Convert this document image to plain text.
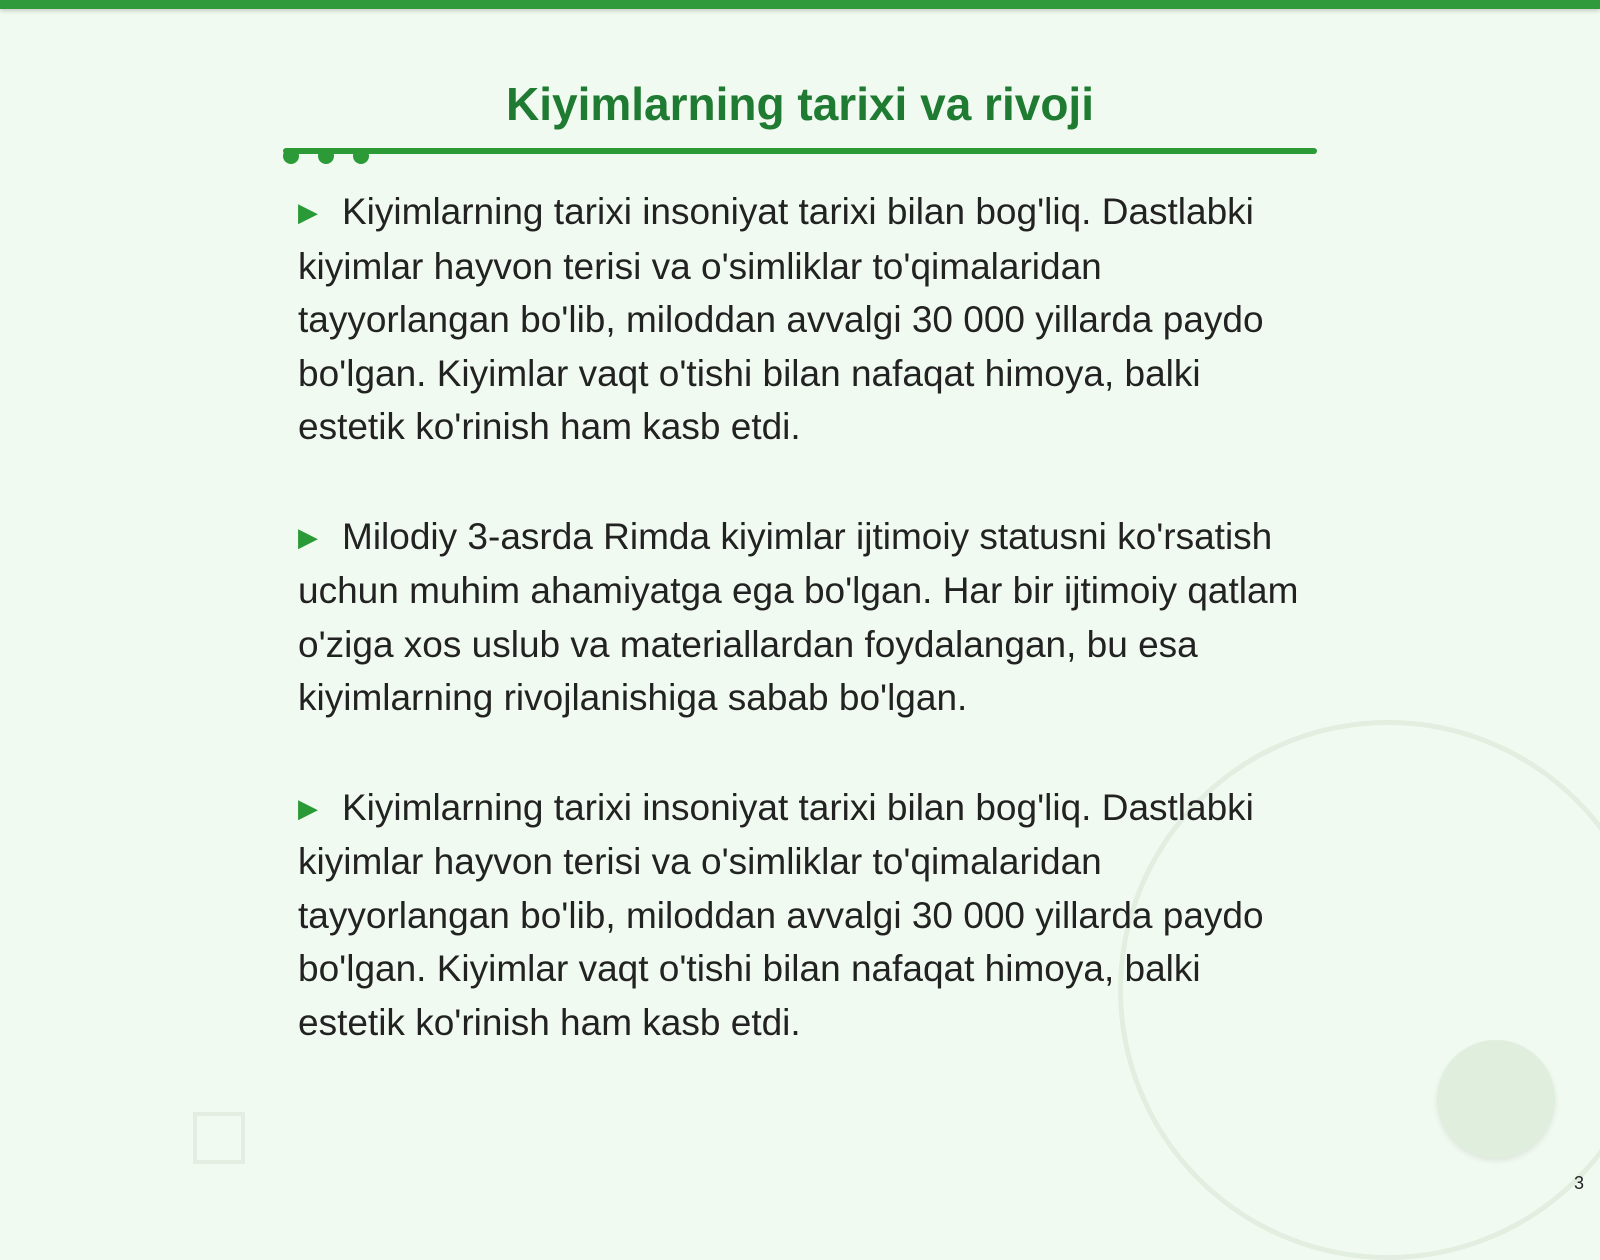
Kiyimlarning tarixi va rivoji

▶ Kiyimlarning tarixi insoniyat tarixi bilan bog'liq. Dastlabki kiyimlar hayvon terisi va o'simliklar to'qimalaridan tayyorlangan bo'lib, miloddan avvalgi 30 000 yillarda paydo bo'lgan. Kiyimlar vaqt o'tishi bilan nafaqat himoya, balki estetik ko'rinish ham kasb etdi.

▶ Milodiy 3-asrda Rimda kiyimlar ijtimoiy statusni ko'rsatish uchun muhim ahamiyatga ega bo'lgan. Har bir ijtimoiy qatlam o'ziga xos uslub va materiallardan foydalangan, bu esa kiyimlarning rivojlanishiga sabab bo'lgan.

▶ Kiyimlarning tarixi insoniyat tarixi bilan bog'liq. Dastlabki kiyimlar hayvon terisi va o'simliklar to'qimalaridan tayyorlangan bo'lib, miloddan avvalgi 30 000 yillarda paydo bo'lgan. Kiyimlar vaqt o'tishi bilan nafaqat himoya, balki estetik ko'rinish ham kasb etdi.

3
